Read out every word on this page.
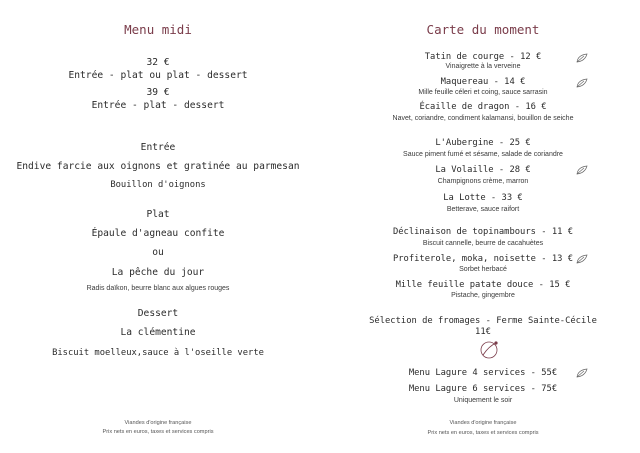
Menu midi
32 €
Entrée - plat ou plat - dessert
39 €
Entrée - plat - dessert
Entrée
Endive farcie aux oignons et gratinée au parmesan
Bouillon d'oignons
Plat
Épaule d'agneau confite
ou
La pêche du jour
Radis daïkon, beurre blanc aux algues rouges
Dessert
La clémentine
Biscuit moelleux,sauce à l'oseille verte
Viandes d'origine française
Prix nets en euros, taxes et services compris
Carte du moment
Tatin de courge - 12 €
Vinaigrette à la verveine
Maquereau - 14 €
Mille feuille céleri et coing, sauce sarrasin
Écaille de dragon - 16 €
Navet, coriandre, condiment kalamansi, bouillon de seiche
L'Aubergine - 25 €
Sauce piment fumé et sésame, salade de coriandre
La Volaille - 28 €
Champignons crème, marron
La Lotte - 33 €
Betterave, sauce raifort
Déclinaison de topinambours - 11 €
Biscuit cannelle, beurre de cacahuètes
Profiterole, moka, noisette - 13 €
Sorbet herbacé
Mille feuille patate douce - 15 €
Pistache, gingembre
Sélection de fromages - Ferme Sainte-Cécile
11€
Menu Lagure 4 services - 55€
Menu Lagure 6 services - 75€
Uniquement le soir
Viandes d'origine française
Prix nets en euros, taxes et services compris
